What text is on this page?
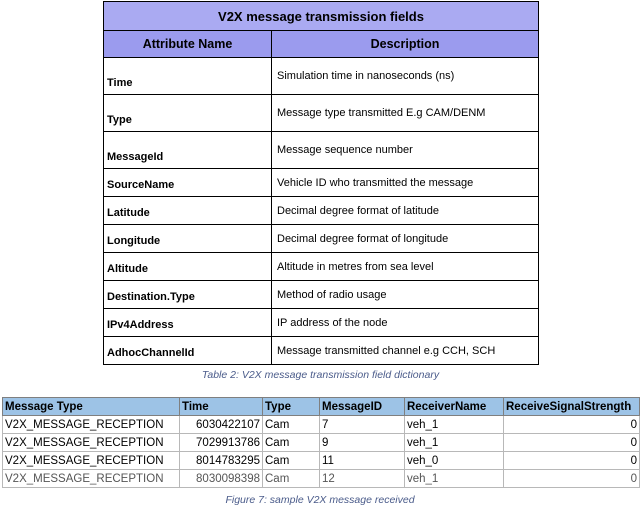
V2X message transmission fields	
Attribute Name	Description
Time	Simulation time in nanoseconds (ns)
Type	Message type transmitted E.g CAM/DENM
MessageId	Message sequence number
SourceName	Vehicle ID who transmitted the message
Latitude	Decimal degree format of latitude
Longitude	Decimal degree format of longitude
Altitude	Altitude in metres from sea level
Destination.Type	Method of radio usage
IPv4Address	IP address of the node
AdhocChannelId	Message transmitted channel e.g CCH, SCH
Table 2: V2X message transmission field dictionary
Message Type	Time	Type	MessageID	ReceiverName	ReceiveSignalStrength
V2X_MESSAGE_RECEPTION	6030422107	Cam	7	veh_1	0
V2X_MESSAGE_RECEPTION	7029913786	Cam	9	veh_1	0
V2X_MESSAGE_RECEPTION	8014783295	Cam	11	veh_0	0
V2X_MESSAGE_RECEPTION	8030098398	Cam	12	veh_1	0
Figure 7: sample V2X message received
